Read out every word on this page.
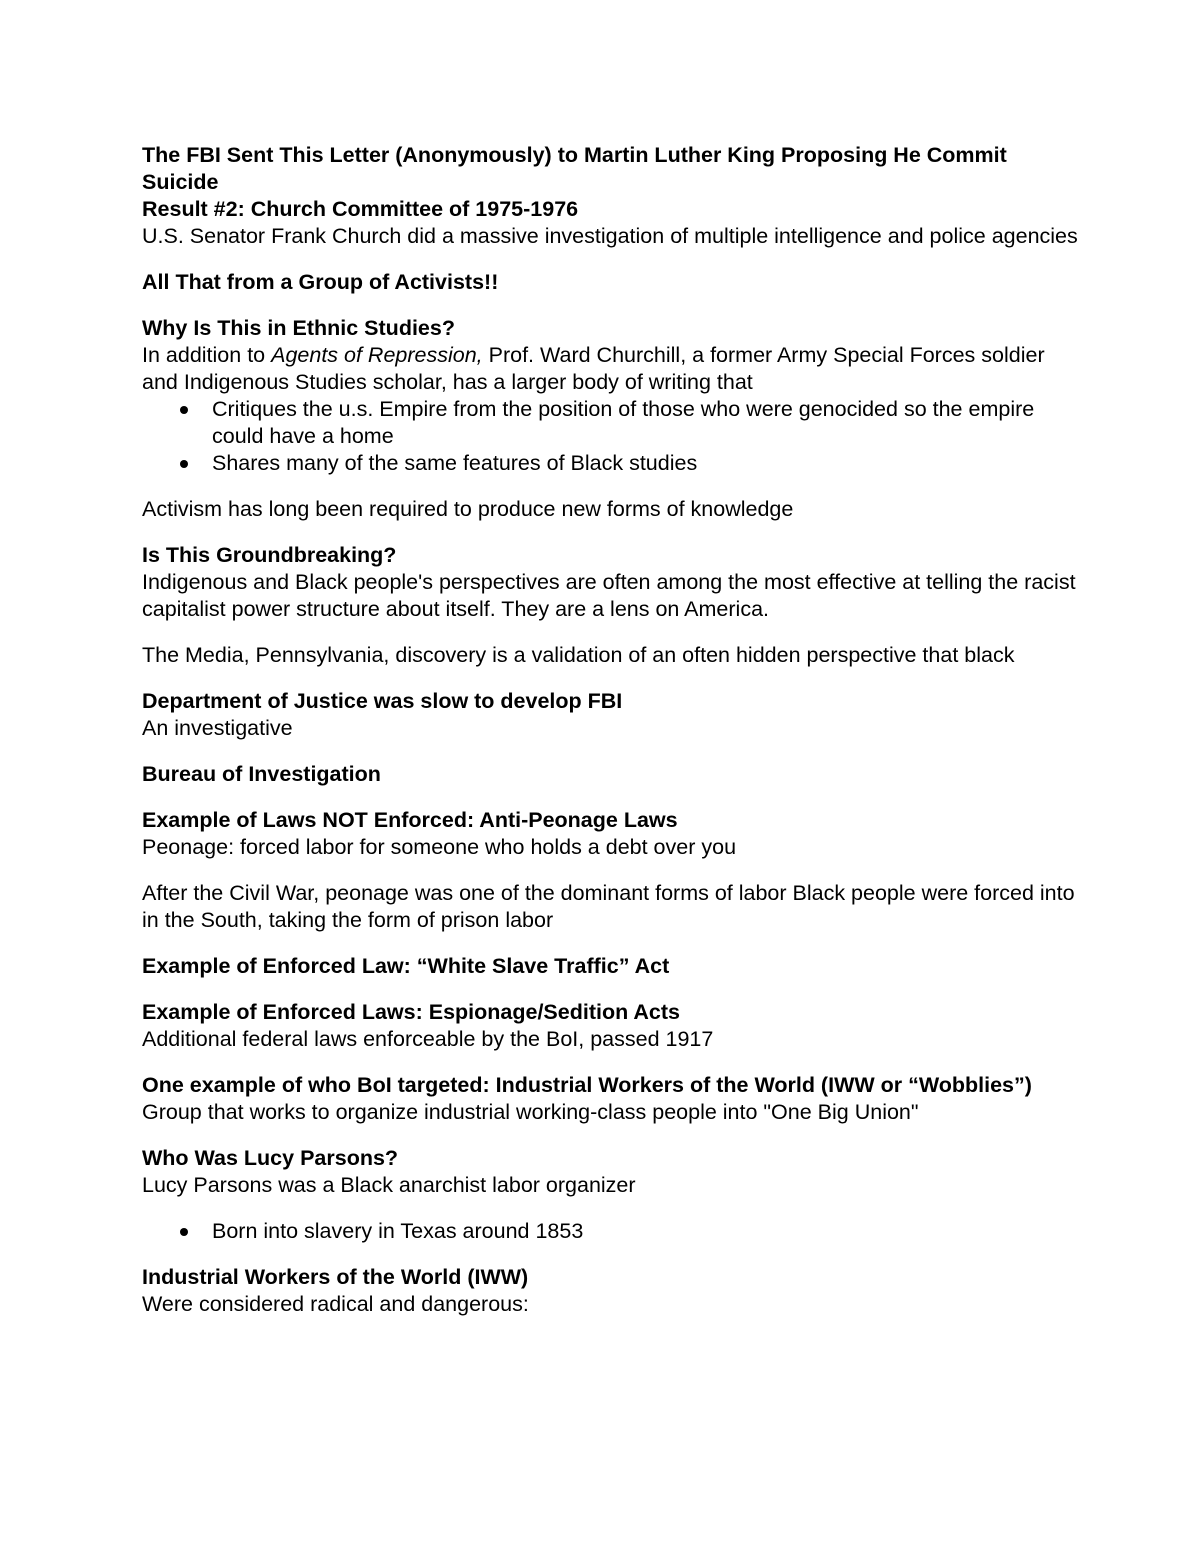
The FBI Sent This Letter (Anonymously) to Martin Luther King Proposing He Commit Suicide
Result #2: Church Committee of 1975-1976
U.S. Senator Frank Church did a massive investigation of multiple intelligence and police agencies

All That from a Group of Activists!!

Why Is This in Ethnic Studies?
In addition to Agents of Repression, Prof. Ward Churchill, a former Army Special Forces soldier and Indigenous Studies scholar, has a larger body of writing that

Critiques the u.s. Empire from the position of those who were genocided so the empire could have a home
Shares many of the same features of Black studies

Activism has long been required to produce new forms of knowledge

Is This Groundbreaking?
Indigenous and Black people's perspectives are often among the most effective at telling the racist capitalist power structure about itself. They are a lens on America.

The Media, Pennsylvania, discovery is a validation of an often hidden perspective that black

Department of Justice was slow to develop FBI
An investigative

Bureau of Investigation

Example of Laws NOT Enforced: Anti-Peonage Laws
Peonage: forced labor for someone who holds a debt over you

After the Civil War, peonage was one of the dominant forms of labor Black people were forced into in the South, taking the form of prison labor

Example of Enforced Law: “White Slave Traffic” Act

Example of Enforced Laws: Espionage/Sedition Acts
Additional federal laws enforceable by the BoI, passed 1917

One example of who BoI targeted: Industrial Workers of the World (IWW or “Wobblies”)
Group that works to organize industrial working-class people into "One Big Union"

Who Was Lucy Parsons?
Lucy Parsons was a Black anarchist labor organizer

Born into slavery in Texas around 1853

Industrial Workers of the World (IWW)
Were considered radical and dangerous:
